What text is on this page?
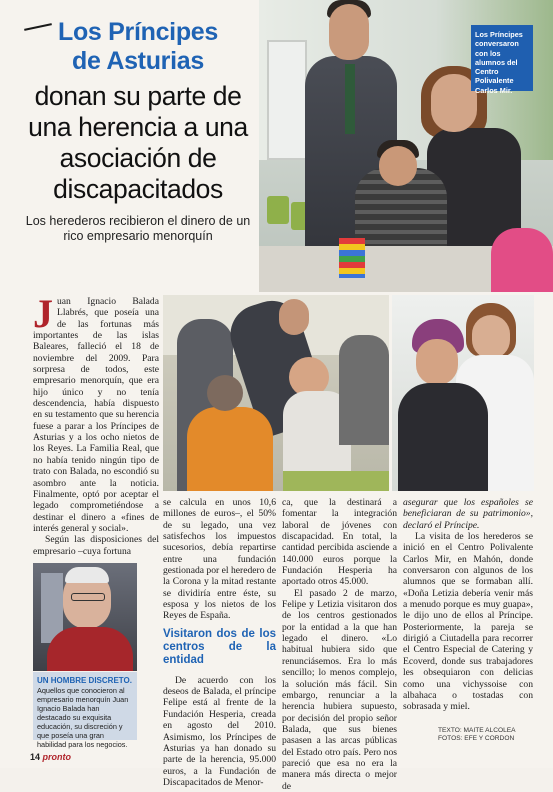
Los Príncipes
de Asturias
donan su parte de una herencia a una asociación de discapacitados
Los herederos recibieron el dinero de un rico empresario menorquín
Los Príncipes conversaron con los alumnos del Centro Polivalente Carlos Mir.
J uan Ignacio Balada Llabrés, que poseía una de las fortunas más importantes de las islas Baleares, falleció el 18 de noviembre del 2009. Para sorpresa de todos, este empresario menorquín, que era hijo único y no tenía descendencia, había dispuesto en su testamento que su herencia fuese a parar a los Príncipes de Asturias y a los ocho nietos de los Reyes. La Familia Real, que no había tenido ningún tipo de trato con Balada, no escondió su asombro ante la noticia. Finalmente, optó por aceptar el legado comprometiéndose a destinar el dinero a «fines de interés general y social».
Según las disposiciones del empresario –cuya fortuna
se calcula en unos 10,6 millones de euros–, el 50% de su legado, una vez satisfechos los impuestos sucesorios, debía repartirse entre una fundación gestionada por el heredero de la Corona y la mitad restante se dividiría entre éste, su esposa y los nietos de los Reyes de España.
Visitaron dos de los centros de la entidad
De acuerdo con los deseos de Balada, el príncipe Felipe está al frente de la Fundación Hesperia, creada en agosto del 2010. Asimismo, los Príncipes de Asturias ya han donado su parte de la herencia, 95.000 euros, a la Fundación de Discapacitados de Menor-
ca, que la destinará a fomentar la integración laboral de jóvenes con discapacidad. En total, la cantidad percibida asciende a 140.000 euros porque la Fundación Hesperia ha aportado otros 45.000.
El pasado 2 de marzo, Felipe y Letizia visitaron dos de los centros gestionados por la entidad a la que han legado el dinero. «Lo habitual hubiera sido que renunciásemos. Era lo más sencillo; lo menos complejo, la solución más fácil. Sin embargo, renunciar a la herencia hubiera supuesto, por decisión del propio señor Balada, que sus bienes pasasen a las arcas públicas del Estado otro país. Pero nos pareció que esa no era la manera más directa o mejor de
asegurar que los españoles se beneficiaran de su patrimonio», declaró el Príncipe.
La visita de los herederos se inició en el Centro Polivalente Carlos Mir, en Mahón, donde conversaron con algunos de los alumnos que se formaban allí. «Doña Letizia debería venir más a menudo porque es muy guapa», le dijo uno de ellos al Príncipe. Posteriormente, la pareja se dirigió a Ciutadella para recorrer el Centro Especial de Catering y Ecoverd, donde sus trabajadores les obsequiaron con delicias como una vichyssoise con albahaca o tostadas con sobrasada y miel.
UN HOMBRE DISCRETO.
Aquellos que conocieron al empresario menorquín Juan Ignacio Balada han destacado su exquisita educación, su discreción y que poseía una gran habilidad para los negocios.
TEXTO: MAITE ALCOLEA
FOTOS: EFE Y CORDON
14 pronto
